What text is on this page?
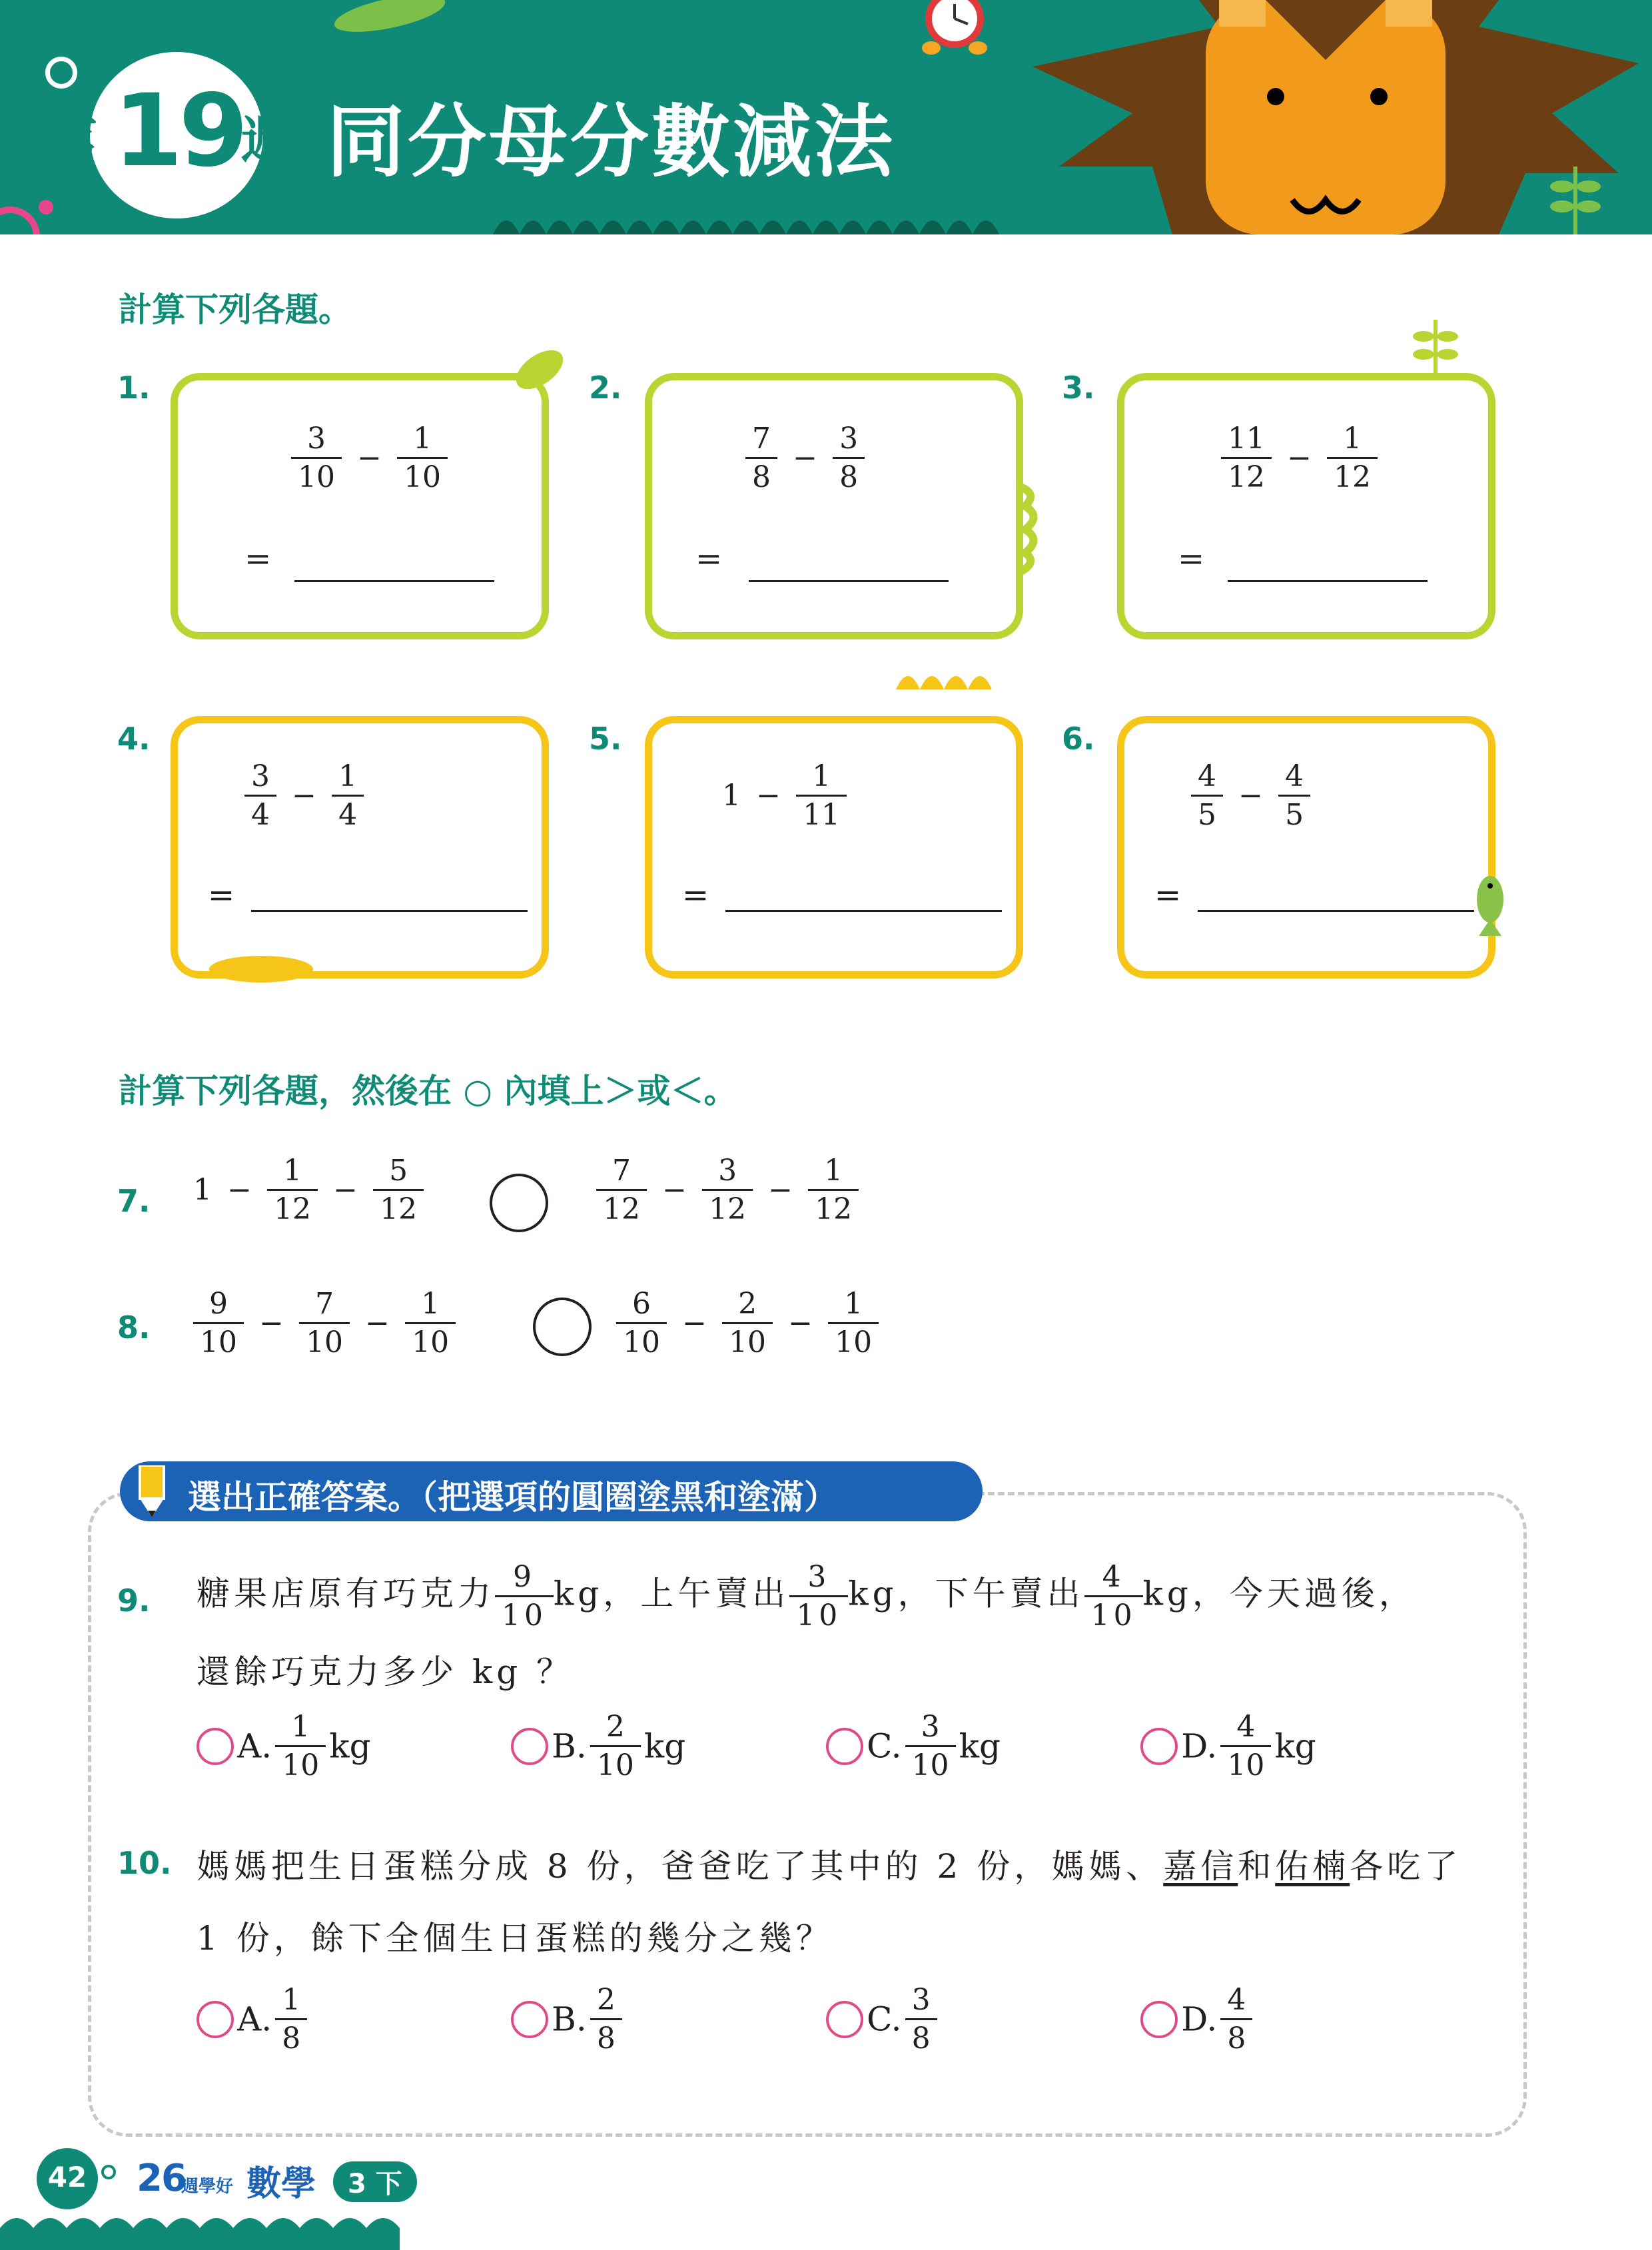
第 19
週 同分母分數減法
計算下列各題。
1.
$\frac{3}{10} - \frac{1}{10}$
=
2.
$\frac{7}{8} - \frac{3}{8}$
=
3.
$\frac{11}{12} - \frac{1}{12}$
=
4.
$\frac{3}{4} - \frac{1}{4}$
=
5.
$1 - \frac{1}{11}$
=
6.
$\frac{4}{5} - \frac{4}{5}$
=
計算下列各題，然後在 ○ 內填上＞或＜。
7. $1 - \frac{1}{12} - \frac{5}{12}$	$\frac{7}{12} - \frac{3}{12} - \frac{1}{12}$
8. $\frac{9}{10} - \frac{7}{10} - \frac{1}{10}$	$\frac{6}{10} - \frac{2}{10} - \frac{1}{10}$
選出正確答案。（把選項的圓圈塗黑和塗滿）
9. 糖果店原有巧克力 $\frac{9}{10}$ kg，上午賣出 $\frac{3}{10}$ kg，下午賣出 $\frac{4}{10}$ kg，今天過後，
還餘巧克力多少 kg ？
A. $\frac{1}{10}$ kg	B. $\frac{2}{10}$ kg	C. $\frac{3}{10}$ kg	D. $\frac{4}{10}$ kg
10. 媽媽把生日蛋糕分成 8 份，爸爸吃了其中的 2 份，媽媽、嘉信和佑楠各吃了
1 份，餘下全個生日蛋糕的幾分之幾？
A. $\frac{1}{8}$	B. $\frac{2}{8}$	C. $\frac{3}{8}$	D. $\frac{4}{8}$
42 26
週學好 數學	3 下
